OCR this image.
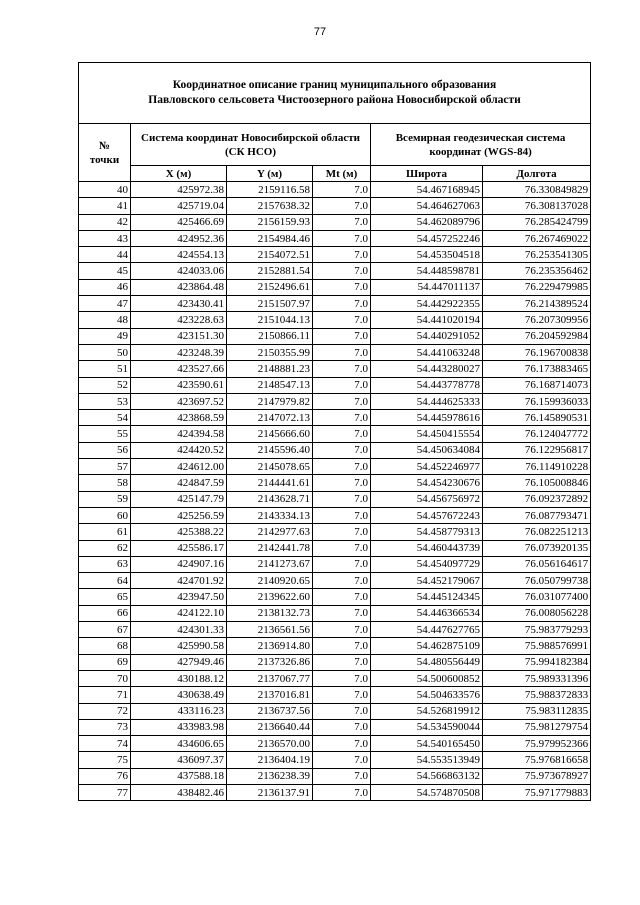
77
Координатное описание границ муниципального образования
Павловского сельсовета Чистоозерного района Новосибирской области					

№
точки	Система координат Новосибирской области (СК НСО)			Всемирная геодезическая система координат (WGS-84)	
	X (м)	Y (м)	Mt (м)	Широта	Долгота
40	425972.38	2159116.58	7.0	54.467168945	76.330849829
41	425719.04	2157638.32	7.0	54.464627063	76.308137028
42	425466.69	2156159.93	7.0	54.462089796	76.285424799
43	424952.36	2154984.46	7.0	54.457252246	76.267469022
44	424554.13	2154072.51	7.0	54.453504518	76.253541305
45	424033.06	2152881.54	7.0	54.448598781	76.235356462
46	423864.48	2152496.61	7.0	54.447011137	76.229479985
47	423430.41	2151507.97	7.0	54.442922355	76.214389524
48	423228.63	2151044.13	7.0	54.441020194	76.207309956
49	423151.30	2150866.11	7.0	54.440291052	76.204592984
50	423248.39	2150355.99	7.0	54.441063248	76.196700838
51	423527.66	2148881.23	7.0	54.443280027	76.173883465
52	423590.61	2148547.13	7.0	54.443778778	76.168714073
53	423697.52	2147979.82	7.0	54.444625333	76.159936033
54	423868.59	2147072.13	7.0	54.445978616	76.145890531
55	424394.58	2145666.60	7.0	54.450415554	76.124047772
56	424420.52	2145596.40	7.0	54.450634084	76.122956817
57	424612.00	2145078.65	7.0	54.452246977	76.114910228
58	424847.59	2144441.61	7.0	54.454230676	76.105008846
59	425147.79	2143628.71	7.0	54.456756972	76.092372892
60	425256.59	2143334.13	7.0	54.457672243	76.087793471
61	425388.22	2142977.63	7.0	54.458779313	76.082251213
62	425586.17	2142441.78	7.0	54.460443739	76.073920135
63	424907.16	2141273.67	7.0	54.454097729	76.056164617
64	424701.92	2140920.65	7.0	54.452179067	76.050799738
65	423947.50	2139622.60	7.0	54.445124345	76.031077400
66	424122.10	2138132.73	7.0	54.446366534	76.008056228
67	424301.33	2136561.56	7.0	54.447627765	75.983779293
68	425990.58	2136914.80	7.0	54.462875109	75.988576991
69	427949.46	2137326.86	7.0	54.480556449	75.994182384
70	430188.12	2137067.77	7.0	54.500600852	75.989331396
71	430638.49	2137016.81	7.0	54.504633576	75.988372833
72	433116.23	2136737.56	7.0	54.526819912	75.983112835
73	433983.98	2136640.44	7.0	54.534590044	75.981279754
74	434606.65	2136570.00	7.0	54.540165450	75.979952366
75	436097.37	2136404.19	7.0	54.553513949	75.976816658
76	437588.18	2136238.39	7.0	54.566863132	75.973678927
77	438482.46	2136137.91	7.0	54.574870508	75.971779883
